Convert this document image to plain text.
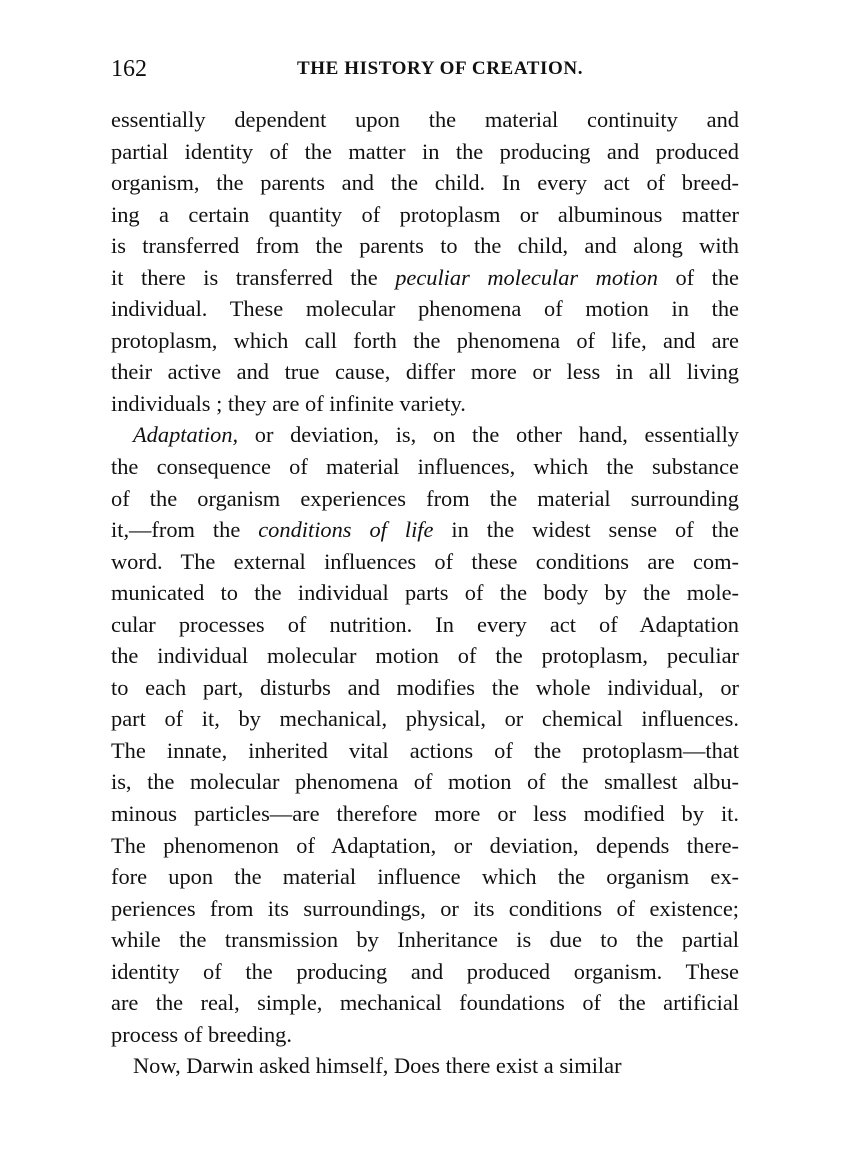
162	THE HISTORY OF CREATION.
essentially dependent upon the material continuity and
partial identity of the matter in the producing and produced
organism, the parents and the child. In every act of breed-
ing a certain quantity of protoplasm or albuminous matter
is transferred from the parents to the child, and along with
it there is transferred the peculiar molecular motion of the
individual. These molecular phenomena of motion in the
protoplasm, which call forth the phenomena of life, and are
their active and true cause, differ more or less in all living
individuals ; they are of infinite variety.
Adaptation, or deviation, is, on the other hand, essentially
the consequence of material influences, which the substance
of the organism experiences from the material surrounding
it,—from the conditions of life in the widest sense of the
word. The external influences of these conditions are com-
municated to the individual parts of the body by the mole-
cular processes of nutrition. In every act of Adaptation
the individual molecular motion of the protoplasm, peculiar
to each part, disturbs and modifies the whole individual, or
part of it, by mechanical, physical, or chemical influences.
The innate, inherited vital actions of the protoplasm—that
is, the molecular phenomena of motion of the smallest albu-
minous particles—are therefore more or less modified by it.
The phenomenon of Adaptation, or deviation, depends there-
fore upon the material influence which the organism ex-
periences from its surroundings, or its conditions of existence;
while the transmission by Inheritance is due to the partial
identity of the producing and produced organism. These
are the real, simple, mechanical foundations of the artificial
process of breeding.
Now, Darwin asked himself, Does there exist a similar
